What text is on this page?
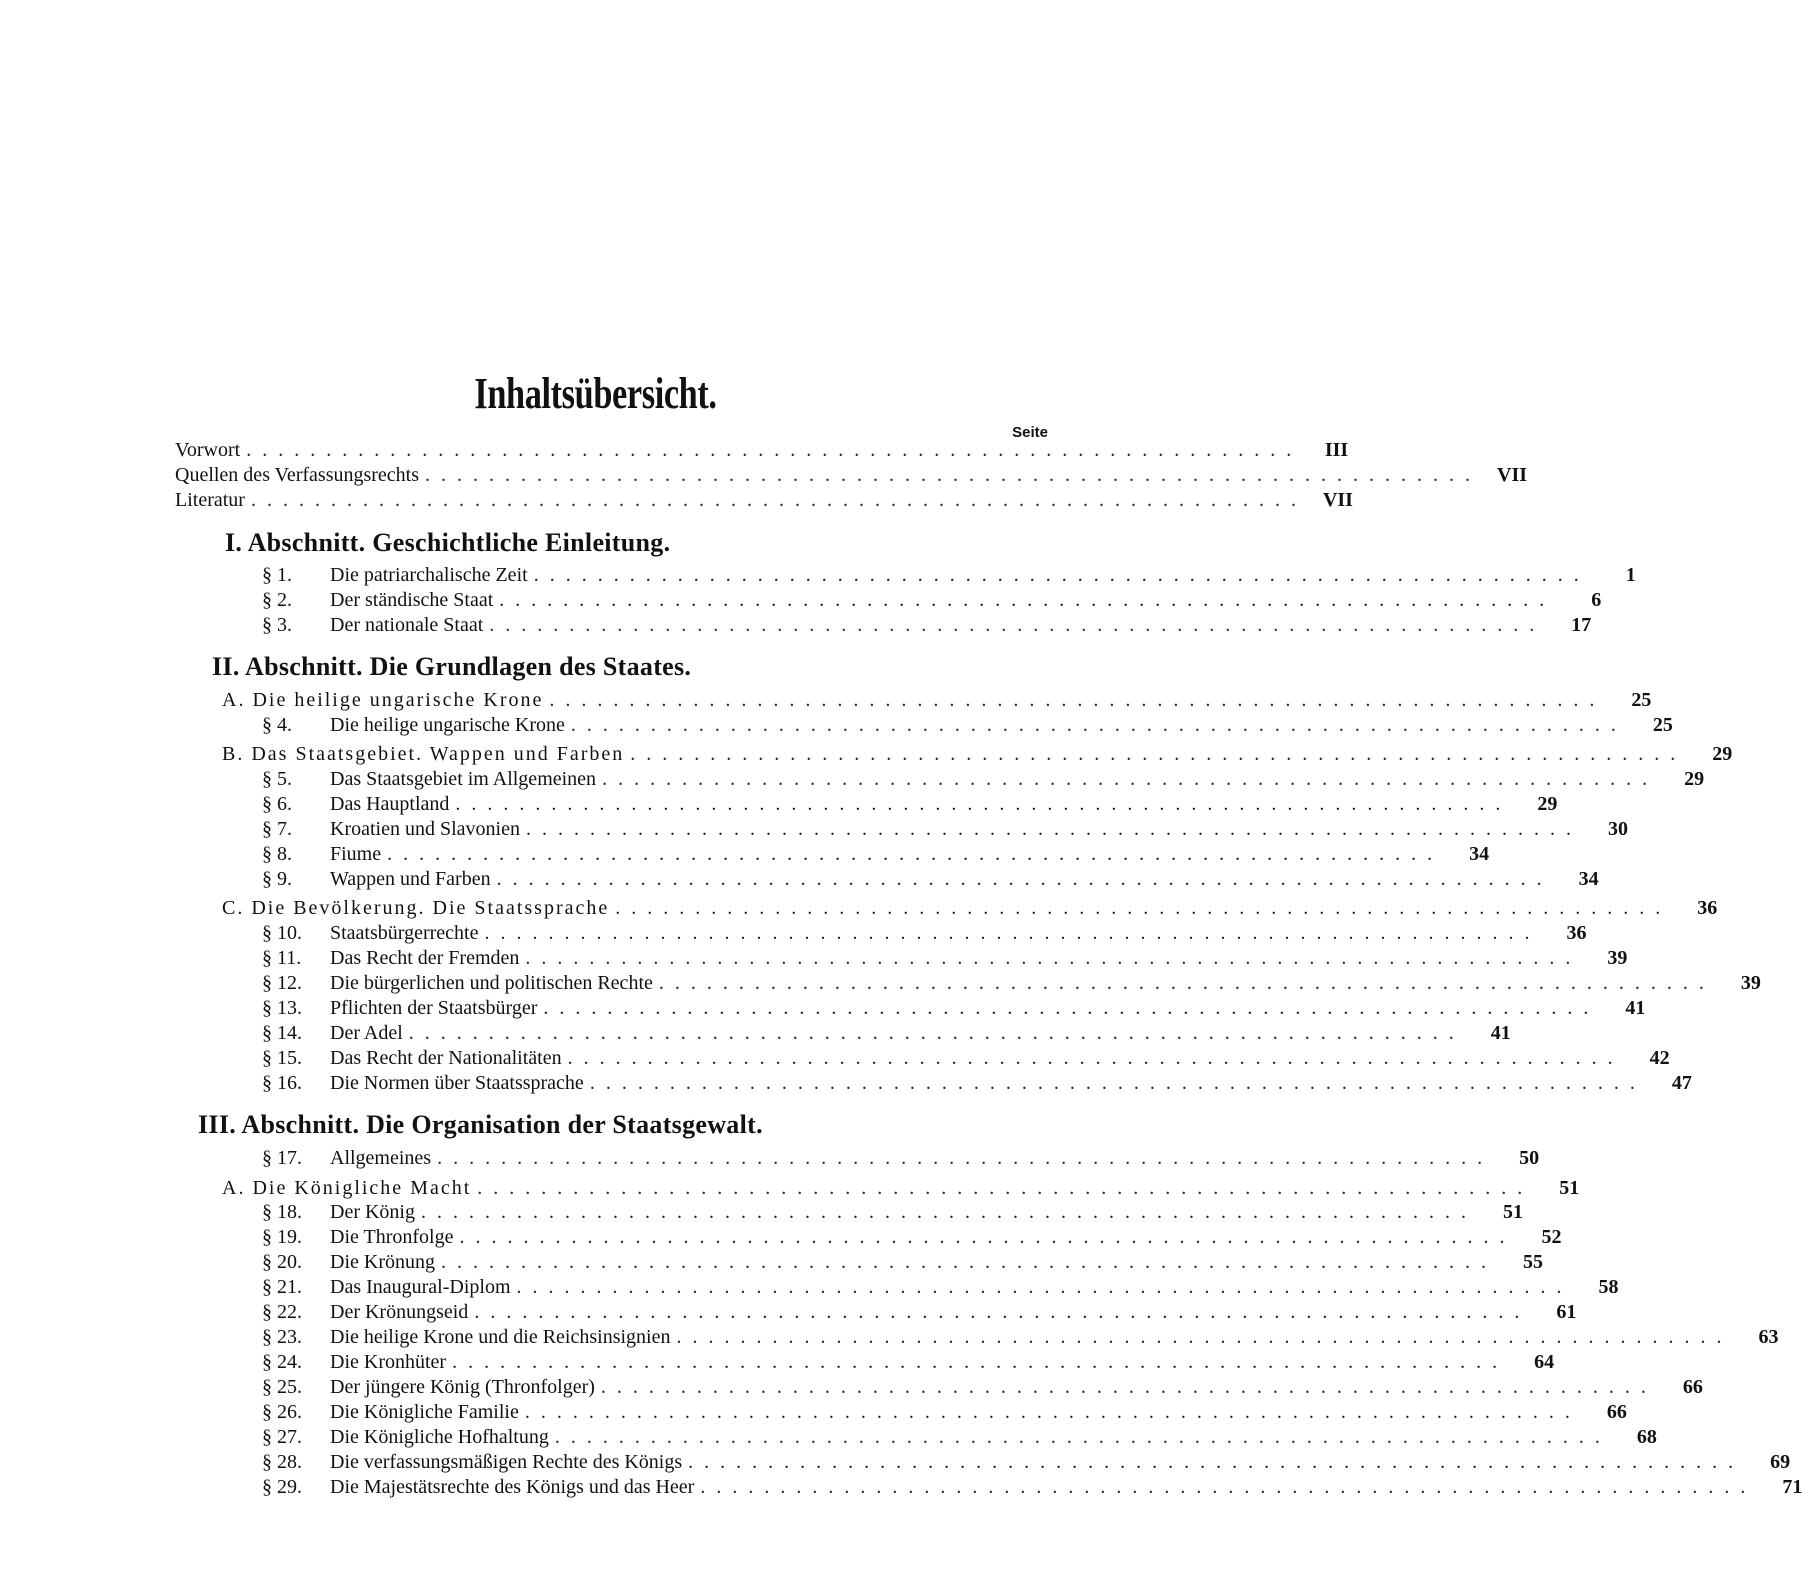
Inhaltsübersicht.
Seite
Vorwort ..................................................................	III
Quellen des Verfassungsrechts .................................................................. VII
Literatur .................................................................. VII
I. Abschnitt. Geschichtliche Einleitung.
§ 1.	Die patriarchalische Zeit ..................................................................	1
§ 2.	Der ständische Staat ..................................................................	6
§ 3.	Der nationale Staat ..................................................................	17
II. Abschnitt. Die Grundlagen des Staates.
A. Die heilige ungarische Krone ..................................................................	25
§ 4.	Die heilige ungarische Krone ..................................................................	25
B. Das Staatsgebiet. Wappen und Farben ..................................................................	29
§ 5.	Das Staatsgebiet im Allgemeinen ..................................................................	29
§ 6.	Das Hauptland ..................................................................	29
§ 7.	Kroatien und Slavonien ..................................................................	30
§ 8.	Fiume ..................................................................	34
§ 9.	Wappen und Farben ..................................................................	34
C. Die Bevölkerung. Die Staatssprache ..................................................................	36
§ 10.	Staatsbürgerrechte ..................................................................	36
§ 11.	Das Recht der Fremden ..................................................................	39
§ 12.	Die bürgerlichen und politischen Rechte ..................................................................	39
§ 13.	Pflichten der Staatsbürger ..................................................................	41
§ 14.	Der Adel ..................................................................	41
§ 15.	Das Recht der Nationalitäten ..................................................................	42
§ 16.	Die Normen über Staatssprache ..................................................................	47
III. Abschnitt. Die Organisation der Staatsgewalt.
§ 17.	Allgemeines ..................................................................	50
A. Die Königliche Macht ..................................................................	51
§ 18.	Der König ..................................................................	51
§ 19.	Die Thronfolge ..................................................................	52
§ 20.	Die Krönung ..................................................................	55
§ 21.	Das Inaugural-Diplom ..................................................................	58
§ 22.	Der Krönungseid ..................................................................	61
§ 23.	Die heilige Krone und die Reichsinsignien ..................................................................	63
§ 24.	Die Kronhüter ..................................................................	64
§ 25.	Der jüngere König (Thronfolger) ..................................................................	66
§ 26.	Die Königliche Familie ..................................................................	66
§ 27.	Die Königliche Hofhaltung ..................................................................	68
§ 28.	Die verfassungsmäßigen Rechte des Königs ..................................................................	69
§ 29.	Die Majestätsrechte des Königs und das Heer ..................................................................	71
